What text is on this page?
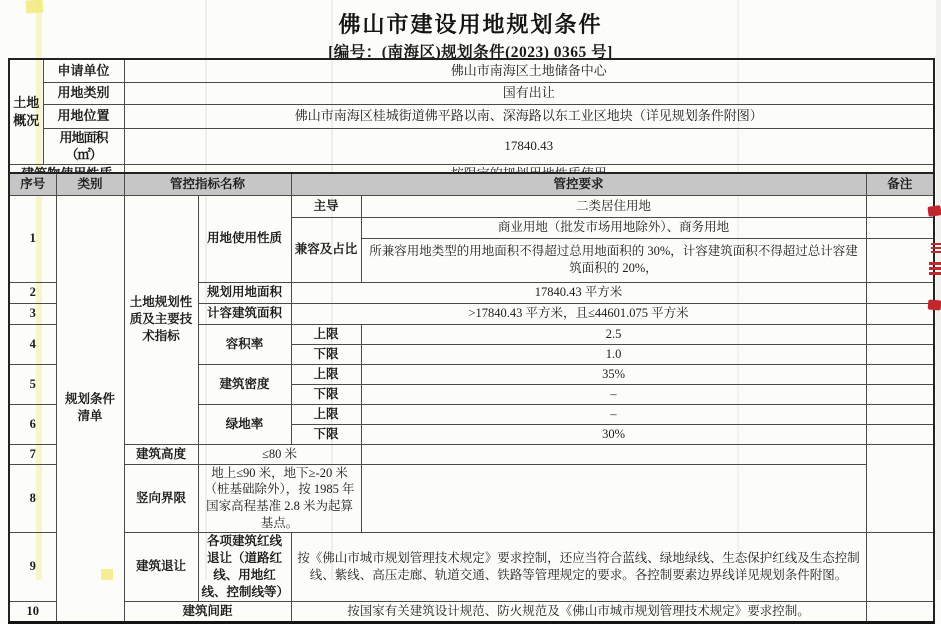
佛山市建设用地规划条件
[编号：(南海区)规划条件(2023) 0365 号]
土地概况	申请单位	佛山市南海区土地储备中心
	用地类别	国有出让
	用地位置	佛山市南海区桂城街道佛平路以南、深海路以东工业区地块（详见规划条件附图）
	用地面积（㎡）	17840.43

序号	类别	管控指标名称		管控要求		备注
1	规划条件清单	土地规划性质及主要技术指标	用地使用性质	主导	二类居住用地	
				兼容及占比	商业用地（批发市场用地除外）、商务用地	
					所兼容用地类型的用地面积不得超过总用地面积的 30%，计容建筑面积不得超过总计容建筑面积的 20%，	
2			规划用地面积	17840.43 平方米		
3			计容建筑面积	>17840.43 平方米，且≤44601.075 平方米		
4			容积率	上限	2.5	
				下限	1.0	
5			建筑密度	上限	35%	
				下限	–	
6			绿地率	上限	–	
				下限	30%	
7		建筑高度	≤80 米			
8		竖向界限	地上≤90 米，地下≥-20 米（桩基础除外），按 1985 年国家高程基准 2.8 米为起算基点。			
9		建筑退让	各项建筑红线退让（道路红线、用地红线、控制线等）	按《佛山市城市规划管理技术规定》要求控制，还应当符合蓝线、绿地绿线、生态保护红线及生态控制线、紫线、高压走廊、轨道交通、铁路等管理规定的要求。各控制要素边界线详见规划条件附图。		
10		建筑间距		按国家有关建筑设计规范、防火规范及《佛山市城市规划管理技术规定》要求控制。		
